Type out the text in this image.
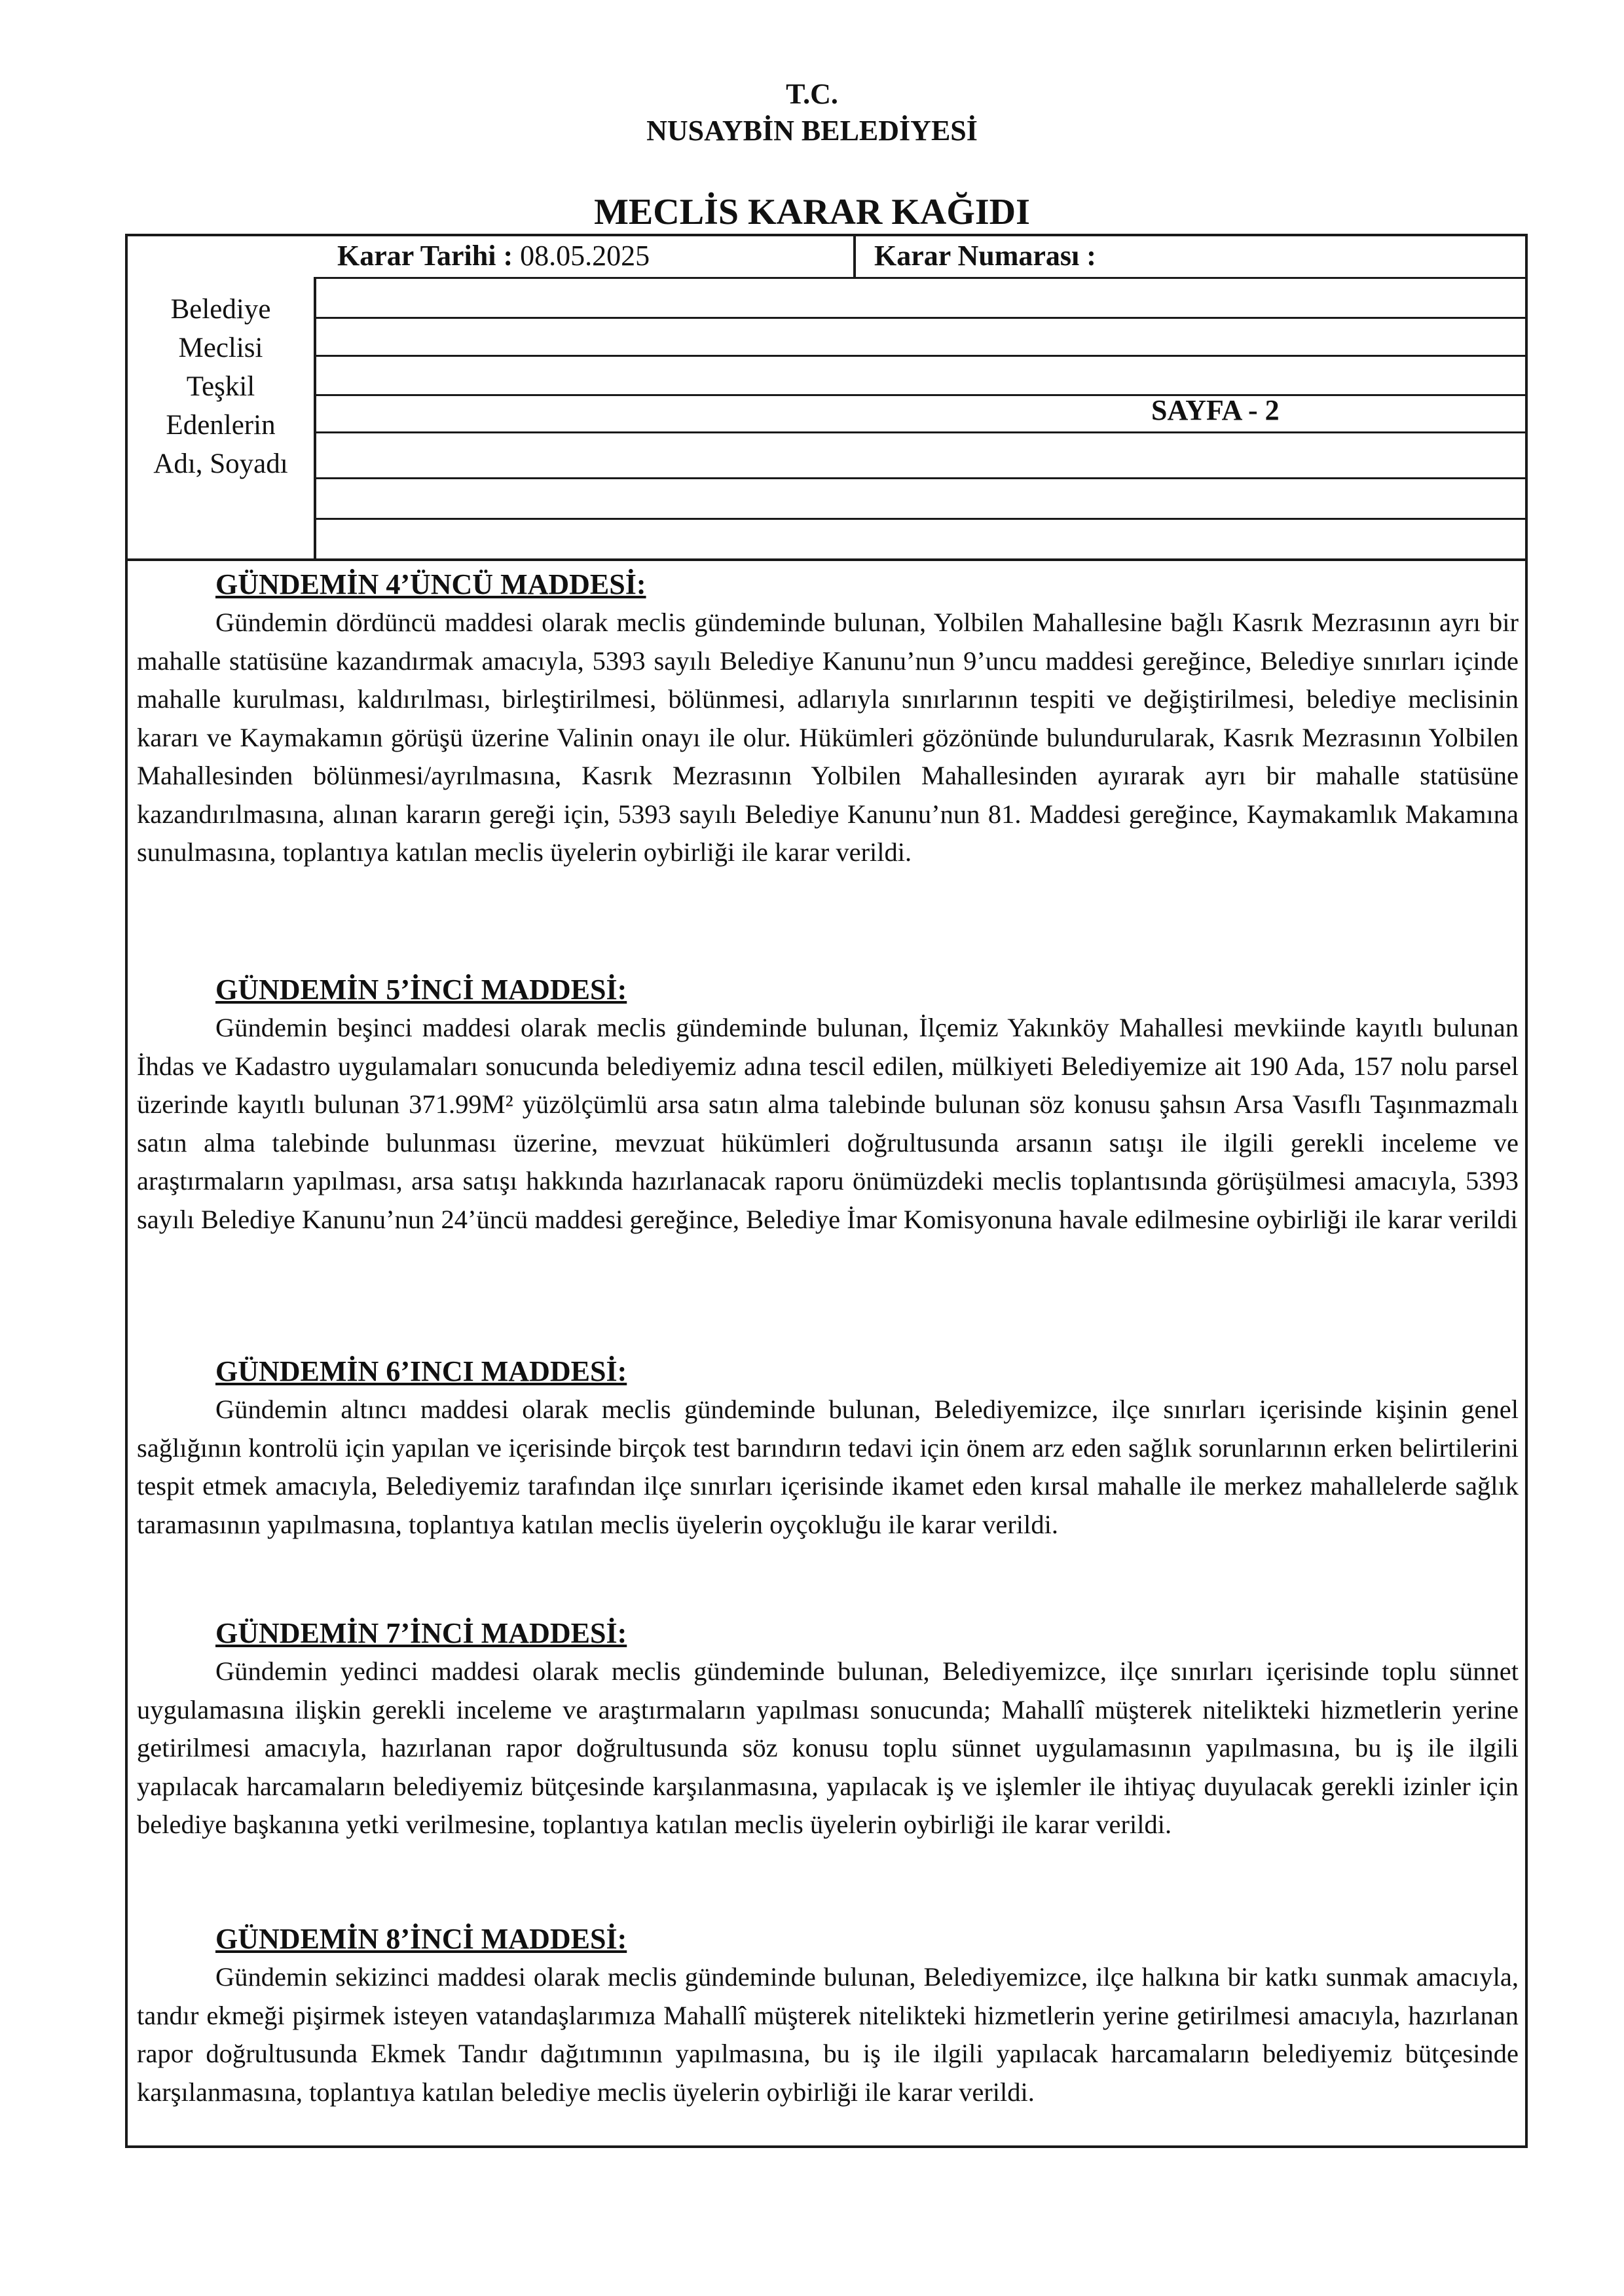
T.C.
NUSAYBİN BELEDİYESİ
MECLİS KARAR KAĞIDI
Karar Tarihi : 08.05.2025	Karar Numarası :
Belediye
Meclisi
Teşkil
Edenlerin
Adı, Soyadı
SAYFA - 2
GÜNDEMİN 4’ÜNCÜ MADDESİ:

Gündemin dördüncü maddesi olarak meclis gündeminde bulunan, Yolbilen Mahallesine bağlı Kasrık Mezrasının ayrı bir mahalle statüsüne kazandırmak amacıyla, 5393 sayılı Belediye Kanunu’nun 9’uncu maddesi gereğince, Belediye sınırları içinde mahalle kurulması, kaldırılması, birleştirilmesi, bölünmesi, adlarıyla sınırlarının tespiti ve değiştirilmesi, belediye meclisinin kararı ve Kaymakamın görüşü üzerine Valinin onayı ile olur. Hükümleri gözönünde bulundurularak, Kasrık Mezrasının Yolbilen Mahallesinden bölünmesi/ayrılmasına, Kasrık Mezrasının Yolbilen Mahallesinden ayırarak ayrı bir mahalle statüsüne kazandırılmasına, alınan kararın gereği için, 5393 sayılı Belediye Kanunu’nun 81. Maddesi gereğince, Kaymakamlık Makamına sunulmasına, toplantıya katılan meclis üyelerin oybirliği ile karar verildi.

GÜNDEMİN 5’İNCİ MADDESİ:

Gündemin beşinci maddesi olarak meclis gündeminde bulunan, İlçemiz Yakınköy Mahallesi mevkiinde kayıtlı bulunan İhdas ve Kadastro uygulamaları sonucunda belediyemiz adına tescil edilen, mülkiyeti Belediyemize ait 190 Ada, 157 nolu parsel üzerinde kayıtlı bulunan 371.99M² yüzölçümlü arsa satın alma talebinde bulunan söz konusu şahsın Arsa Vasıflı Taşınmazmalı satın alma talebinde bulunması üzerine, mevzuat hükümleri doğrultusunda arsanın satışı ile ilgili gerekli inceleme ve araştırmaların yapılması, arsa satışı hakkında hazırlanacak raporu önümüzdeki meclis toplantısında görüşülmesi amacıyla, 5393 sayılı Belediye Kanunu’nun 24’üncü maddesi gereğince, Belediye İmar Komisyonuna havale edilmesine oybirliği ile karar verildi

GÜNDEMİN 6’INCI MADDESİ:

Gündemin altıncı maddesi olarak meclis gündeminde bulunan, Belediyemizce, ilçe sınırları içerisinde kişinin genel sağlığının kontrolü için yapılan ve içerisinde birçok test barındırın tedavi için önem arz eden sağlık sorunlarının erken belirtilerini tespit etmek amacıyla, Belediyemiz tarafından ilçe sınırları içerisinde ikamet eden kırsal mahalle ile merkez mahallelerde sağlık taramasının yapılmasına, toplantıya katılan meclis üyelerin oyçokluğu ile karar verildi.

GÜNDEMİN 7’İNCİ MADDESİ:

Gündemin yedinci maddesi olarak meclis gündeminde bulunan, Belediyemizce, ilçe sınırları içerisinde toplu sünnet uygulamasına ilişkin gerekli inceleme ve araştırmaların yapılması sonucunda; Mahallî müşterek nitelikteki hizmetlerin yerine getirilmesi amacıyla, hazırlanan rapor doğrultusunda söz konusu toplu sünnet uygulamasının yapılmasına, bu iş ile ilgili yapılacak harcamaların belediyemiz bütçesinde karşılanmasına, yapılacak iş ve işlemler ile ihtiyaç duyulacak gerekli izinler için belediye başkanına yetki verilmesine, toplantıya katılan meclis üyelerin oybirliği ile karar verildi.

GÜNDEMİN 8’İNCİ MADDESİ:

Gündemin sekizinci maddesi olarak meclis gündeminde bulunan, Belediyemizce, ilçe halkına bir katkı sunmak amacıyla, tandır ekmeği pişirmek isteyen vatandaşlarımıza Mahallî müşterek nitelikteki hizmetlerin yerine getirilmesi amacıyla, hazırlanan rapor doğrultusunda Ekmek Tandır dağıtımının yapılmasına, bu iş ile ilgili yapılacak harcamaların belediyemiz bütçesinde karşılanmasına, toplantıya katılan belediye meclis üyelerin oybirliği ile karar verildi.
